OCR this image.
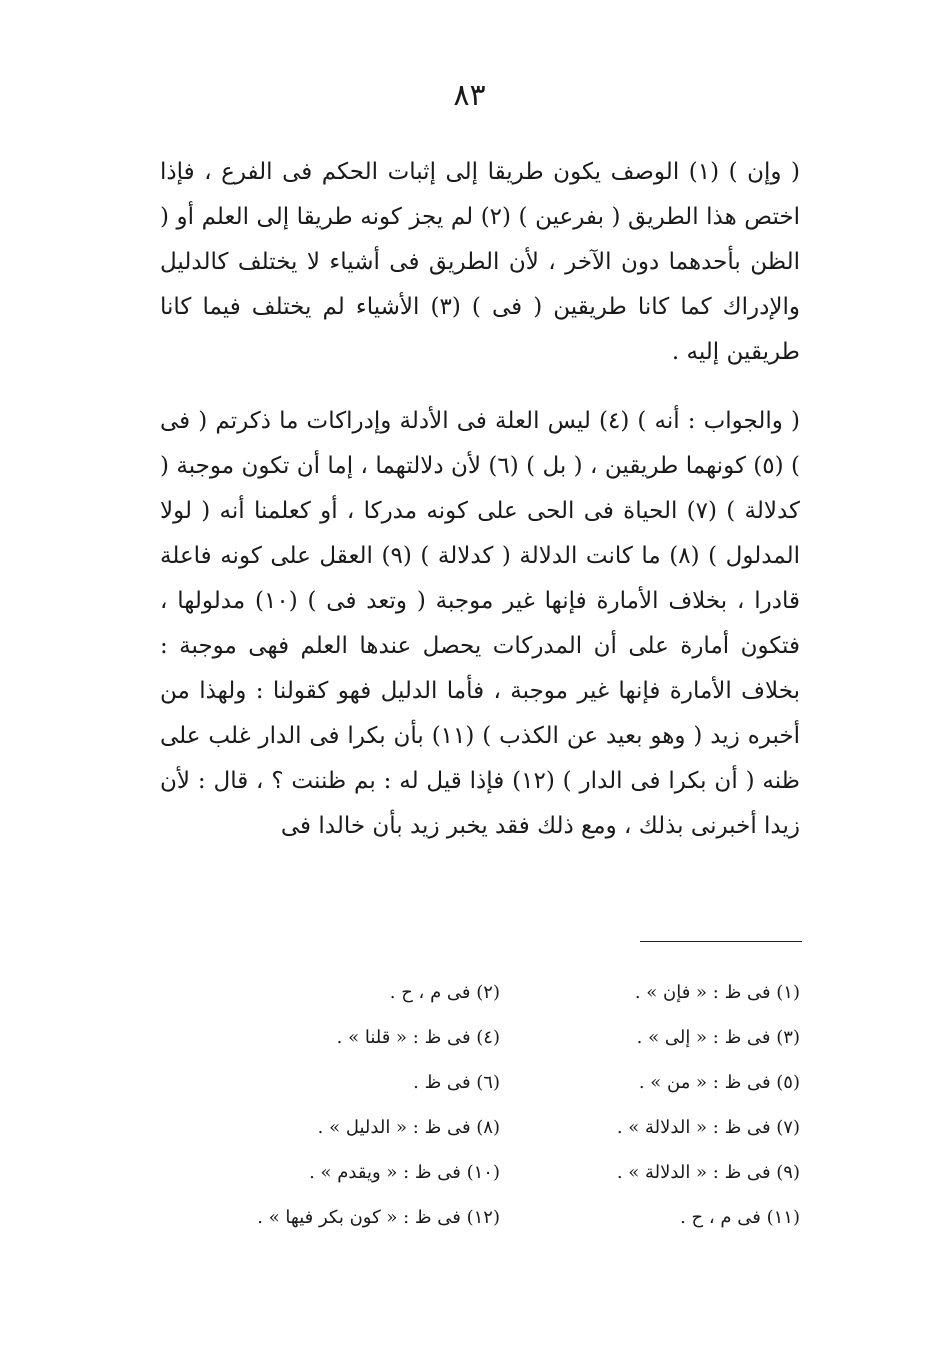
٨٣

( وإن ) (١) الوصف يكون طريقا إلى إثبات الحكم فى الفرع ، فإذا اختص هذا الطريق ( بفرعين ) (٢) لم يجز كونه طريقا إلى العلم أو ( الظن بأحدهما دون الآخر ، لأن الطريق فى أشياء لا يختلف كالدليل والإدراك كما كانا طريقين ( فى ) (٣) الأشياء لم يختلف فيما كانا طريقين إليه .

( والجواب : أنه ) (٤) ليس العلة فى الأدلة وإدراكات ما ذكرتم ( فى ) (٥) كونهما طريقين ، ( بل ) (٦) لأن دلالتهما ، إما أن تكون موجبة ( كدلالة ) (٧) الحياة فى الحى على كونه مدركا ، أو كعلمنا أنه ( لولا المدلول ) (٨) ما كانت الدلالة ( كدلالة ) (٩) العقل على كونه فاعلة قادرا ، بخلاف الأمارة فإنها غير موجبة ( وتعد فى ) (١٠) مدلولها ، فتكون أمارة على أن المدركات يحصل عندها العلم فهى موجبة : بخلاف الأمارة فإنها غير موجبة ، فأما الدليل فهو كقولنا : ولهذا من أخبره زيد ( وهو بعيد عن الكذب ) (١١) بأن بكرا فى الدار غلب على ظنه ( أن بكرا فى الدار ) (١٢) فإذا قيل له : بم ظننت ؟ ، قال : لأن زيدا أخبرنى بذلك ، ومع ذلك فقد يخبر زيد بأن خالدا فى

(١) فى ظ : « فإن » .
(٢) فى م ، ح .
(٣) فى ظ : « إلى » .
(٤) فى ظ : « قلنا » .
(٥) فى ظ : « من » .
(٦) فى ظ .
(٧) فى ظ : « الدلالة » .
(٨) فى ظ : « الدليل » .
(٩) فى ظ : « الدلالة » .
(١٠) فى ظ : « ويقدم » .
(١١) فى م ، ح .
(١٢) فى ظ : « كون بكر فيها » .
